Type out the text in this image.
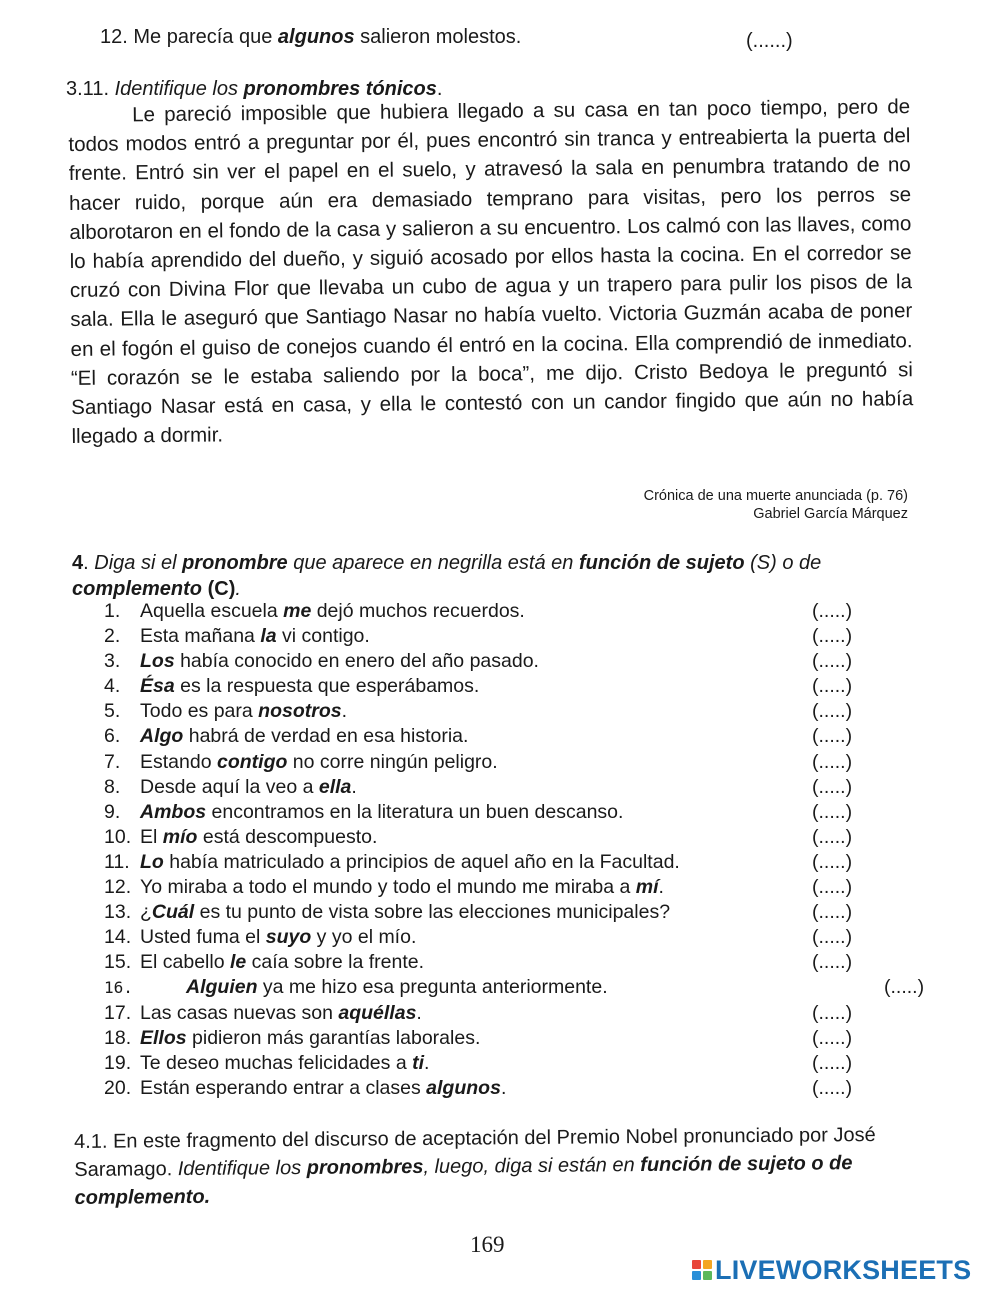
12. Me parecía que algunos salieron molestos.	(......)
3.11. Identifique los pronombres tónicos.

Le pareció imposible que hubiera llegado a su casa en tan poco tiempo, pero de todos modos entró a preguntar por él, pues encontró sin tranca y entreabierta la puerta del frente. Entró sin ver el papel en el suelo, y atravesó la sala en penumbra tratando de no hacer ruido, porque aún era demasiado temprano para visitas, pero los perros se alborotaron en el fondo de la casa y salieron a su encuentro. Los calmó con las llaves, como lo había aprendido del dueño, y siguió acosado por ellos hasta la cocina. En el corredor se cruzó con Divina Flor que llevaba un cubo de agua y un trapero para pulir los pisos de la sala. Ella le aseguró que Santiago Nasar no había vuelto. Victoria Guzmán acaba de poner en el fogón el guiso de conejos cuando él entró en la cocina. Ella comprendió de inmediato. “El corazón se le estaba saliendo por la boca”, me dijo. Cristo Bedoya le preguntó si Santiago Nasar está en casa, y ella le contestó con un candor fingido que aún no había llegado a dormir.

Crónica de una muerte anunciada (p. 76)
Gabriel García Márquez
4. Diga si el pronombre que aparece en negrilla está en función de sujeto (S) o de complemento (C).
1.	Aquella escuela me dejó muchos recuerdos.	(.....)
2.	Esta mañana la vi contigo.	(.....)
3.	Los había conocido en enero del año pasado.	(.....)
4.	Ésa es la respuesta que esperábamos.	(.....)
5.	Todo es para nosotros.	(.....)
6.	Algo habrá de verdad en esa historia.	(.....)
7.	Estando contigo no corre ningún peligro.	(.....)
8.	Desde aquí la veo a ella.	(.....)
9.	Ambos encontramos en la literatura un buen descanso.	(.....)
10. El mío está descompuesto.	(.....)
11. Lo había matriculado a principios de aquel año en la Facultad.	(.....)
12. Yo miraba a todo el mundo y todo el mundo me miraba a mí.	(.....)
13. ¿Cuál es tu punto de vista sobre las elecciones municipales?	(.....)
14. Usted fuma el suyo y yo el mío.	(.....)
15. El cabello le caía sobre la frente.	(.....)
16.	Alguien ya me hizo esa pregunta anteriormente.	(.....)
17. Las casas nuevas son aquéllas.	(.....)
18. Ellos pidieron más garantías laborales.	(.....)
19. Te deseo muchas felicidades a ti.	(.....)
20. Están esperando entrar a clases algunos.	(.....)
4.1. En este fragmento del discurso de aceptación del Premio Nobel pronunciado por José Saramago. Identifique los pronombres, luego, diga si están en función de sujeto o de complemento.
169
LIVEWORKSHEETS
